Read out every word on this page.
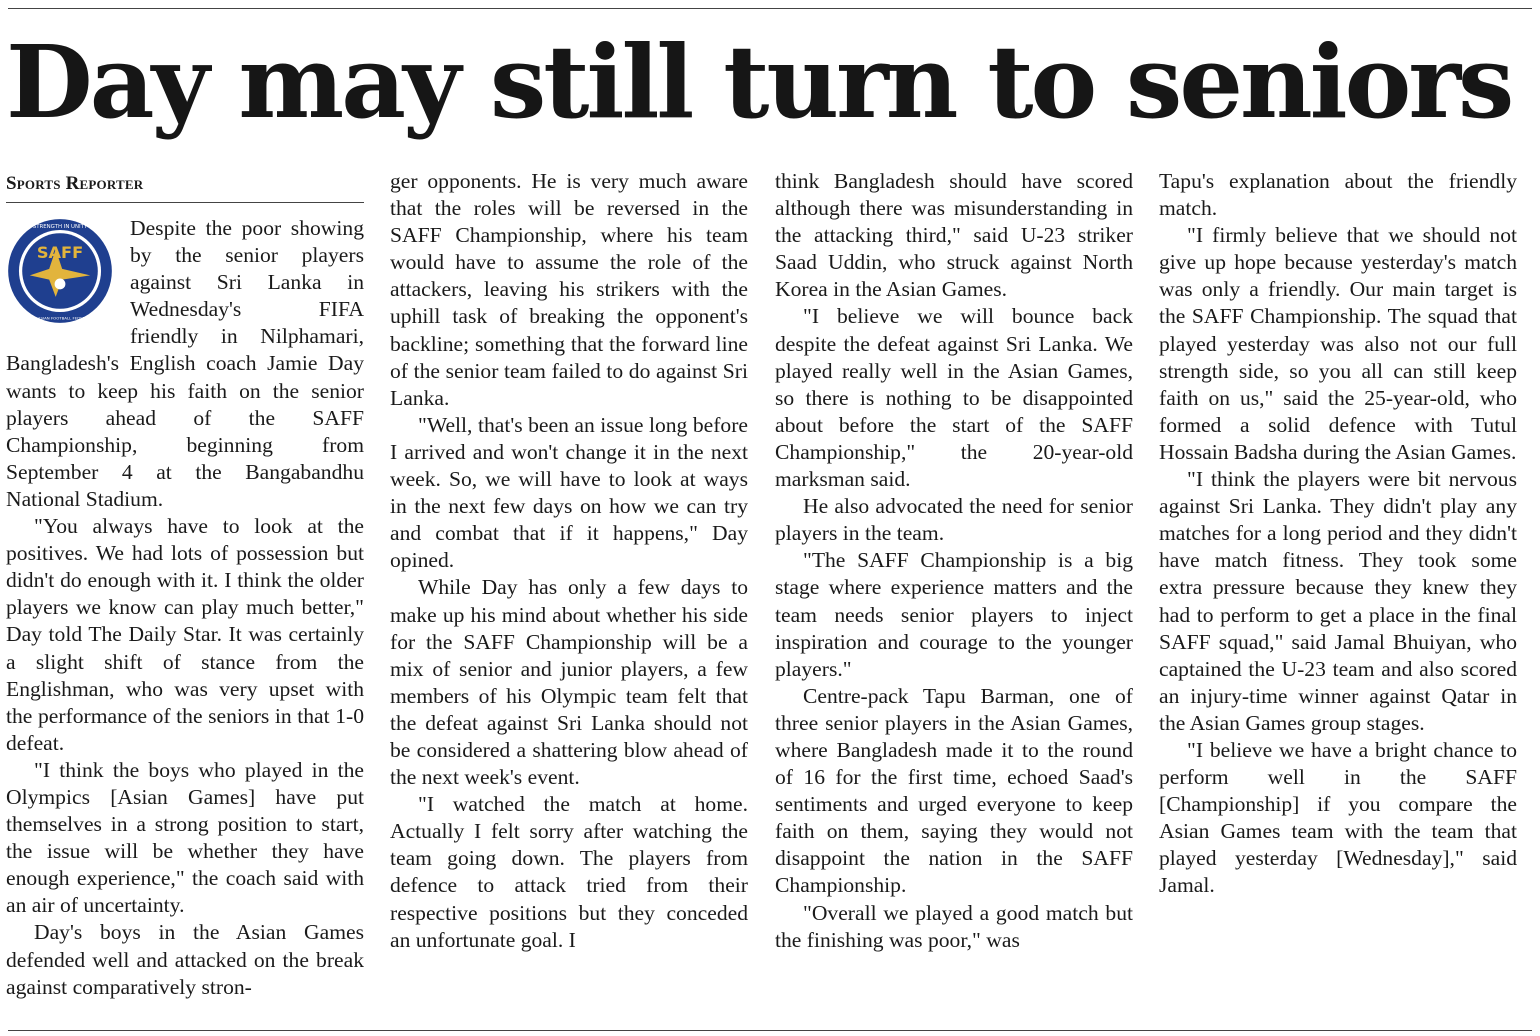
Day may still turn to seniors
Sports Reporter
SAFF
STRENGTH IN UNITY
SOUTH ASIAN FOOTBALL FEDERATION

Despite the poor showing by the senior players against Sri Lanka in Wednesday's FIFA friendly in Nilphamari, Bangladesh's English coach Jamie Day wants to keep his faith on the senior players ahead of the SAFF Championship, beginning from September 4 at the Bangabandhu National Stadium.

"You always have to look at the positives. We had lots of possession but didn't do enough with it. I think the older players we know can play much better," Day told The Daily Star. It was certainly a slight shift of stance from the Englishman, who was very upset with the performance of the seniors in that 1-0 defeat.

"I think the boys who played in the Olympics [Asian Games] have put themselves in a strong position to start, the issue will be whether they have enough experience," the coach said with an air of uncertainty.

Day's boys in the Asian Games defended well and attacked on the break against comparatively stron-

ger opponents. He is very much aware that the roles will be reversed in the SAFF Championship, where his team would have to assume the role of the attackers, leaving his strikers with the uphill task of breaking the opponent's backline; something that the forward line of the senior team failed to do against Sri Lanka.

"Well, that's been an issue long before I arrived and won't change it in the next week. So, we will have to look at ways in the next few days on how we can try and combat that if it happens," Day opined.

While Day has only a few days to make up his mind about whether his side for the SAFF Championship will be a mix of senior and junior players, a few members of his Olympic team felt that the defeat against Sri Lanka should not be considered a shattering blow ahead of the next week's event.

"I watched the match at home. Actually I felt sorry after watching the team going down. The players from defence to attack tried from their respective positions but they conceded an unfortunate goal. I

think Bangladesh should have scored although there was misunderstanding in the attacking third," said U-23 striker Saad Uddin, who struck against North Korea in the Asian Games.

"I believe we will bounce back despite the defeat against Sri Lanka. We played really well in the Asian Games, so there is nothing to be disappointed about before the start of the SAFF Championship," the 20-year-old marksman said.

He also advocated the need for senior players in the team.

"The SAFF Championship is a big stage where experience matters and the team needs senior players to inject inspiration and courage to the younger players."

Centre-pack Tapu Barman, one of three senior players in the Asian Games, where Bangladesh made it to the round of 16 for the first time, echoed Saad's sentiments and urged everyone to keep faith on them, saying they would not disappoint the nation in the SAFF Championship.

"Overall we played a good match but the finishing was poor," was

Tapu's explanation about the friendly match.

"I firmly believe that we should not give up hope because yesterday's match was only a friendly. Our main target is the SAFF Championship. The squad that played yesterday was also not our full strength side, so you all can still keep faith on us," said the 25-year-old, who formed a solid defence with Tutul Hossain Badsha during the Asian Games.

"I think the players were bit nervous against Sri Lanka. They didn't play any matches for a long period and they didn't have match fitness. They took some extra pressure because they knew they had to perform to get a place in the final SAFF squad," said Jamal Bhuiyan, who captained the U-23 team and also scored an injury-time winner against Qatar in the Asian Games group stages.

"I believe we have a bright chance to perform well in the SAFF [Championship] if you compare the Asian Games team with the team that played yesterday [Wednesday]," said Jamal.
